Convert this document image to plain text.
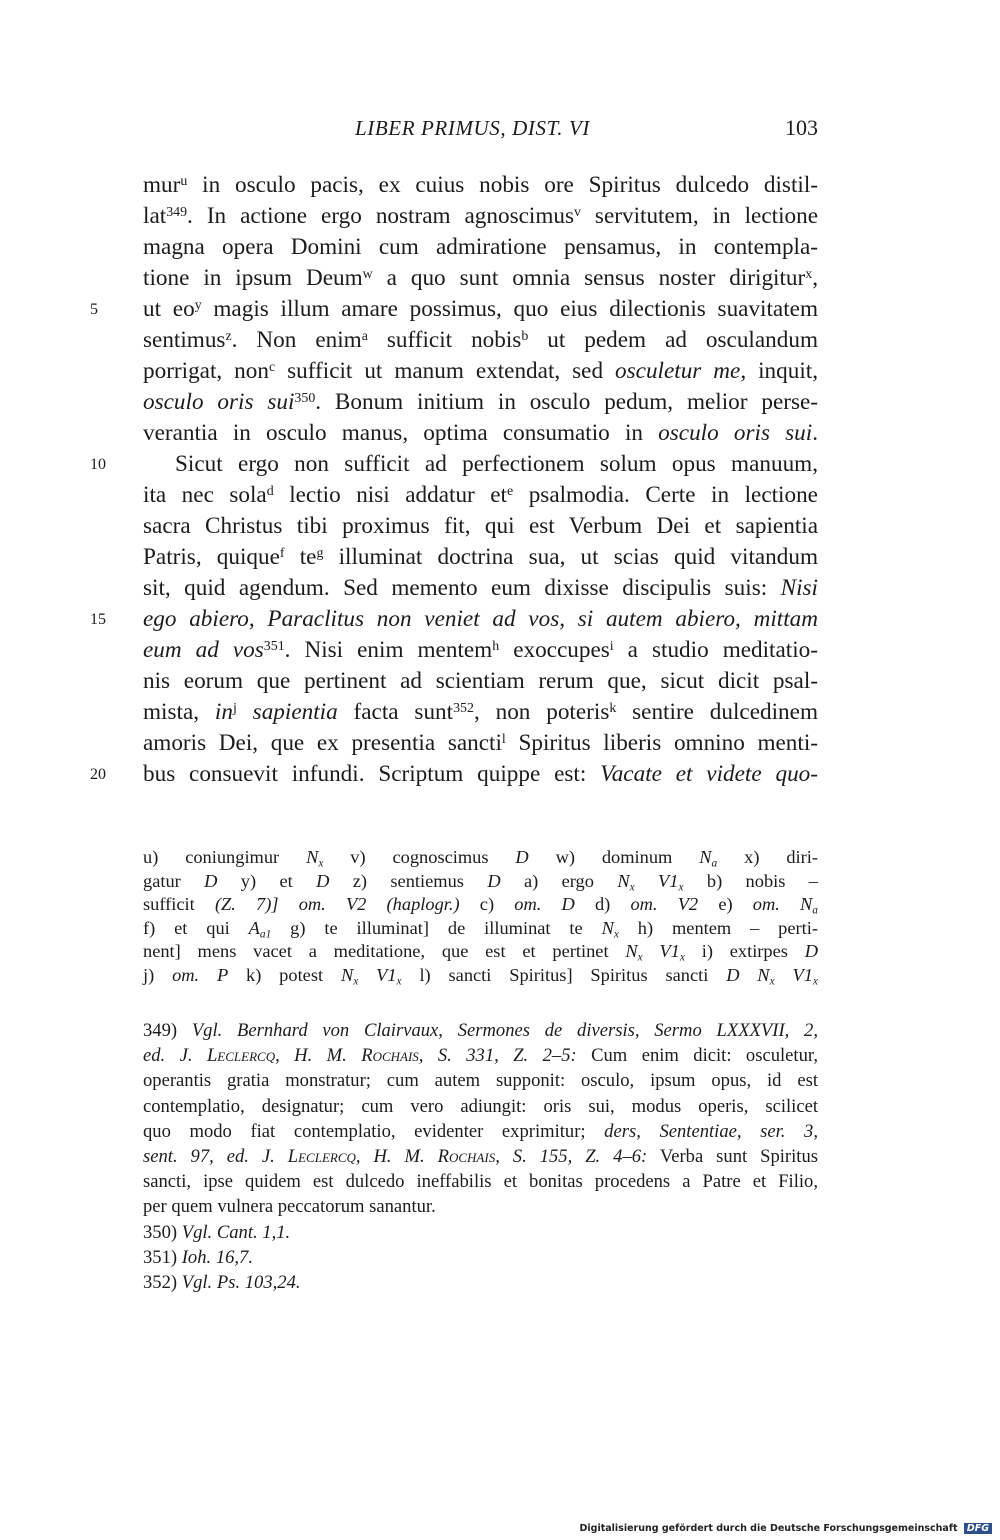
LIBER PRIMUS, DIST. VI	103
mur$^u$ in osculo pacis, ex cuius nobis ore Spiritus dulcedo distil-
lat$^{349}$. In actione ergo nostram agnoscimus$^v$ servitutem, in lectione
magna opera Domini cum admiratione pensamus, in contempla-
tione in ipsum Deum$^w$ a quo sunt omnia sensus noster dirigitur$^x$,
5	ut $eo^y$ magis illum amare possimus, quo eius dilectionis suavitatem
sentimus$^z$. Non enim$^a$ sufficit nobis$^b$ ut pedem ad osculandum
porrigat, non$^c$ sufficit ut manum extendat, sed osculetur me, inquit,
osculo oris sui$^{350}$. Bonum initium in osculo pedum, melior perse-
verantia in osculo manus, optima consumatio in osculo oris sui.
10	Sicut ergo non sufficit ad perfectionem solum opus manuum,
ita nec sola$^d$ lectio nisi addatur $et^e$ psalmodia. Certe in lectione
sacra Christus tibi proximus fit, qui est Verbum Dei et sapientia
Patris, quique$^f$ $te^g$ illuminat doctrina sua, ut scias quid vitandum
sit, quid agendum. Sed memento eum dixisse discipulis suis: Nisi
15	ego abiero, Paraclitus non veniet ad vos, si autem abiero, mittam
eum ad vos$^{351}$. Nisi enim mentem$^h$ exoccupes$^i$ a studio meditatio-
nis eorum que pertinent ad scientiam rerum que, sicut dicit psal-
mista, $in^j$ sapientia facta sunt$^{352}$, non poteris$^k$ sentire dulcedinem
amoris Dei, que ex presentia sancti$^l$ Spiritus liberis omnino menti-
20	bus consuevit infundi. Scriptum quippe est: Vacate et videte quo-
u) coniungimur $N_x$ v) cognoscimus D w) dominum $N_a$ x) diri-
gatur D y) et D z) sentiemus D a) ergo $N_x$ $V1_x$ b) nobis –
sufficit (Z. 7)] om. V2 (haplogr.) c) om. D d) om. V2 e) om. $N_a$
f) et qui $A_{a1}$ g) te illuminat] de illuminat te $N_x$ h) mentem – perti-
nent] mens vacet a meditatione, que est et pertinet $N_x$ $V1_x$ i) extirpes D
j) om. P k) potest $N_x$ $V1_x$ l) sancti Spiritus] Spiritus sancti D $N_x$ $V1_x$
349) Vgl. Bernhard von Clairvaux, Sermones de diversis, Sermo LXXXVII, 2,
ed. J. Leclercq, H. M. Rochais, S. 331, Z. 2–5: Cum enim dicit: osculetur,
operantis gratia monstratur; cum autem supponit: osculo, ipsum opus, id est
contemplatio, designatur; cum vero adiungit: oris sui, modus operis, scilicet
quo modo fiat contemplatio, evidenter exprimitur; ders, Sententiae, ser. 3,
sent. 97, ed. J. Leclercq, H. M. Rochais, S. 155, Z. 4–6: Verba sunt Spiritus
sancti, ipse quidem est dulcedo ineffabilis et bonitas procedens a Patre et Filio,
per quem vulnera peccatorum sanantur.
350) Vgl. Cant. 1,1.
351) Ioh. 16,7.
352) Vgl. Ps. 103,24.
Digitalisierung gefördert durch die Deutsche Forschungsgemeinschaft DFG
